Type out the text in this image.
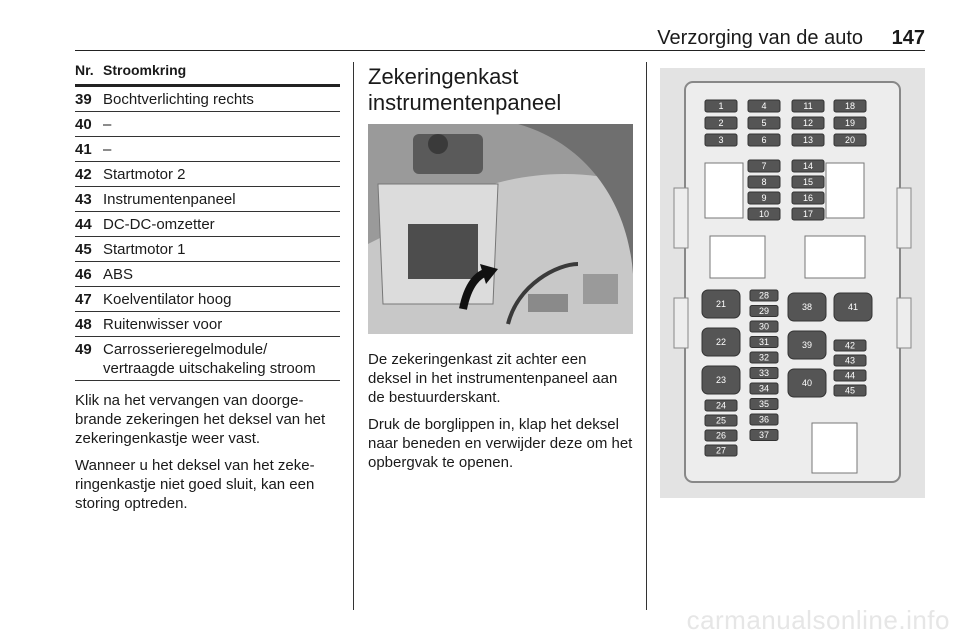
Verzorging van de auto 147
Nr. Stroomkring
39 Bochtverlichting rechts
40 –
41 –
42 Startmotor 2
43 Instrumentenpaneel
44 DC-DC-omzetter
45 Startmotor 1
46 ABS
47 Koelventilator hoog
48 Ruitenwisser voor
49 Carrosserieregelmodule/ vertraagde uitschakeling stroom

Klik na het vervangen van doorge-brande zekeringen het deksel van het zekeringenkastje weer vast.

Wanneer u het deksel van het zeke-ringenkastje niet goed sluit, kan een storing optreden.

Zekeringenkast instrumentenpaneel

De zekeringenkast zit achter een deksel in het instrumentenpaneel aan de bestuurderskant.

Druk de borglippen in, klap het deksel naar beneden en verwijder deze om het opbergvak te openen.

1
2
3
4
5
6
11
12
13
18
19
20
7
8
9
10
14
15
16
17
28
29
30
31
32
33
34
35
36
37
24
25
26
27
42
43
44
45
21
22
23
38
39
40
41
carmanualsonline.info
